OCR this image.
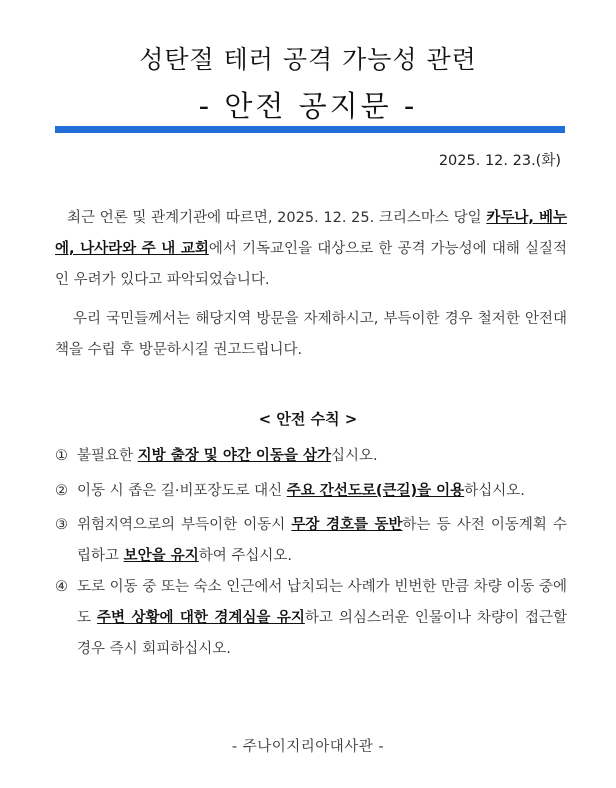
성탄절 테러 공격 가능성 관련
- 안전 공지문 -
2025. 12. 23.(화)
최근 언론 및 관계기관에 따르면, 2025. 12. 25. 크리스마스 당일 카두나, 베누에, 나사라와 주 내 교회에서 기독교인을 대상으로 한 공격 가능성에 대해 실질적인 우려가 있다고 파악되었습니다.
우리 국민들께서는 해당지역 방문을 자제하시고, 부득이한 경우 철저한 안전대책을 수립 후 방문하시길 권고드립니다.
< 안전 수칙 >
① 불필요한 지방 출장 및 야간 이동을 삼가십시오.
② 이동 시 좁은 길·비포장도로 대신 주요 간선도로(큰길)을 이용하십시오.
③ 위험지역으로의 부득이한 이동시 무장 경호를 동반하는 등 사전 이동계획 수립하고 보안을 유지하여 주십시오.
④ 도로 이동 중 또는 숙소 인근에서 납치되는 사례가 빈번한 만큼 차량 이동 중에도 주변 상황에 대한 경계심을 유지하고 의심스러운 인물이나 차량이 접근할 경우 즉시 회피하십시오.
- 주나이지리아대사관 -
